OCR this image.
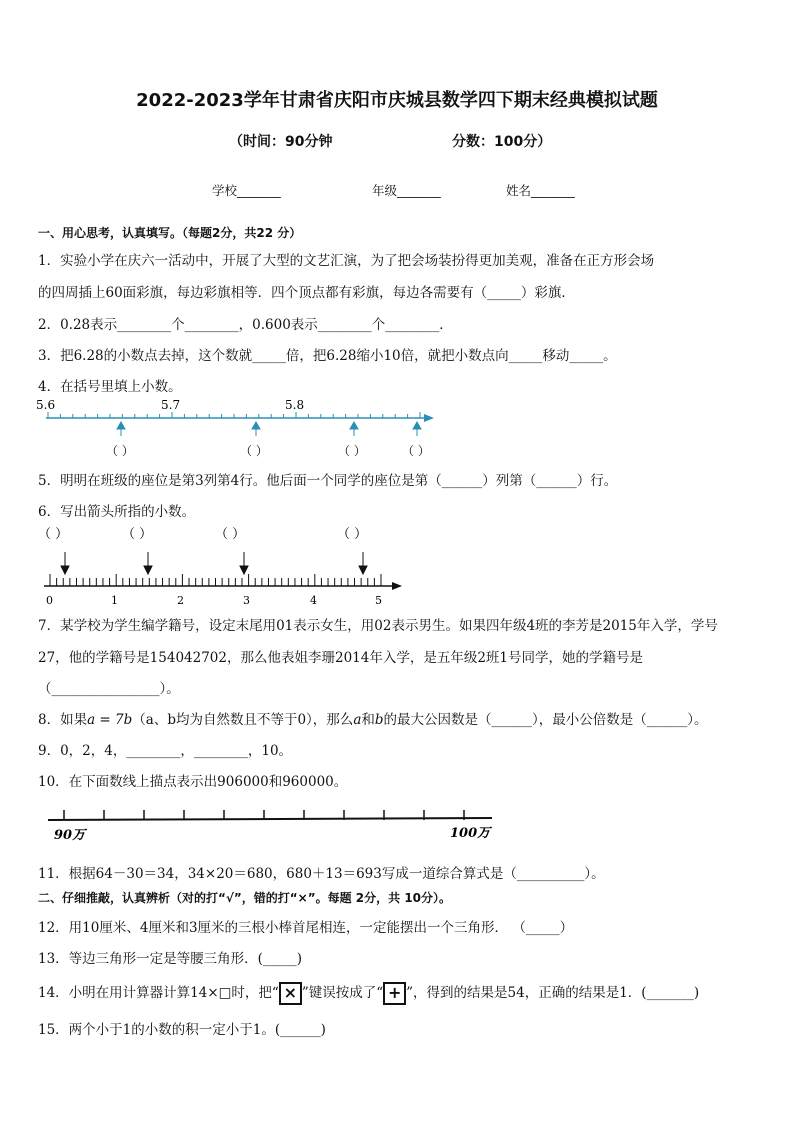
2022-2023学年甘肃省庆阳市庆城县数学四下期末经典模拟试题
（时间：90分钟	分数：100分）
学校_______	年级_______	姓名_______
一、用心思考，认真填写。（每题2分，共22 分）
1．实验小学在庆六一活动中，开展了大型的文艺汇演，为了把会场装扮得更加美观，准备在正方形会场
的四周插上60面彩旗，每边彩旗相等．四个顶点都有彩旗，每边各需要有（_____）彩旗．
2．0.28表示________个________，0.600表示________个________．
3．把6.28的小数点去掉，这个数就_____倍，把6.28缩小10倍，就把小数点向_____移动_____。
4．在括号里填上小数。
5.6	5.7	5.8
（ ）	（ ）	（ ）	（ ）
5．明明在班级的座位是第3列第4行。他后面一个同学的座位是第（______）列第（______）行。
6．写出箭头所指的小数。
（ ）	（ ）	（ ）	（ ）
0	1	2	3	4	5
7．某学校为学生编学籍号，设定末尾用01表示女生，用02表示男生。如果四年级4班的李芳是2015年入学，学号
27，他的学籍号是154042702，那么他表姐李珊2014年入学，是五年级2班1号同学，她的学籍号是
（________________）。
8．如果a = 7b（a、b均为自然数且不等于0），那么a和b的最大公因数是（______），最小公倍数是（______）。
9．0，2，4，________，________，10。
10．在下面数线上描点表示出906000和960000。
90万	100万
11．根据64－30＝34，34×20＝680，680＋13＝693写成一道综合算式是（__________）。
二、仔细推敲，认真辨析（对的打“√”，错的打“×”。每题 2分，共 10分）。
12．用10厘米、4厘米和3厘米的三根小棒首尾相连，一定能摆出一个三角形． （_____）
13．等边三角形一定是等腰三角形．(_____)
14．小明在用计算器计算14×□时，把“ × ”键误按成了“ + ”，得到的结果是54，正确的结果是1．(_______)
15．两个小于1的小数的积一定小于1。(______)
